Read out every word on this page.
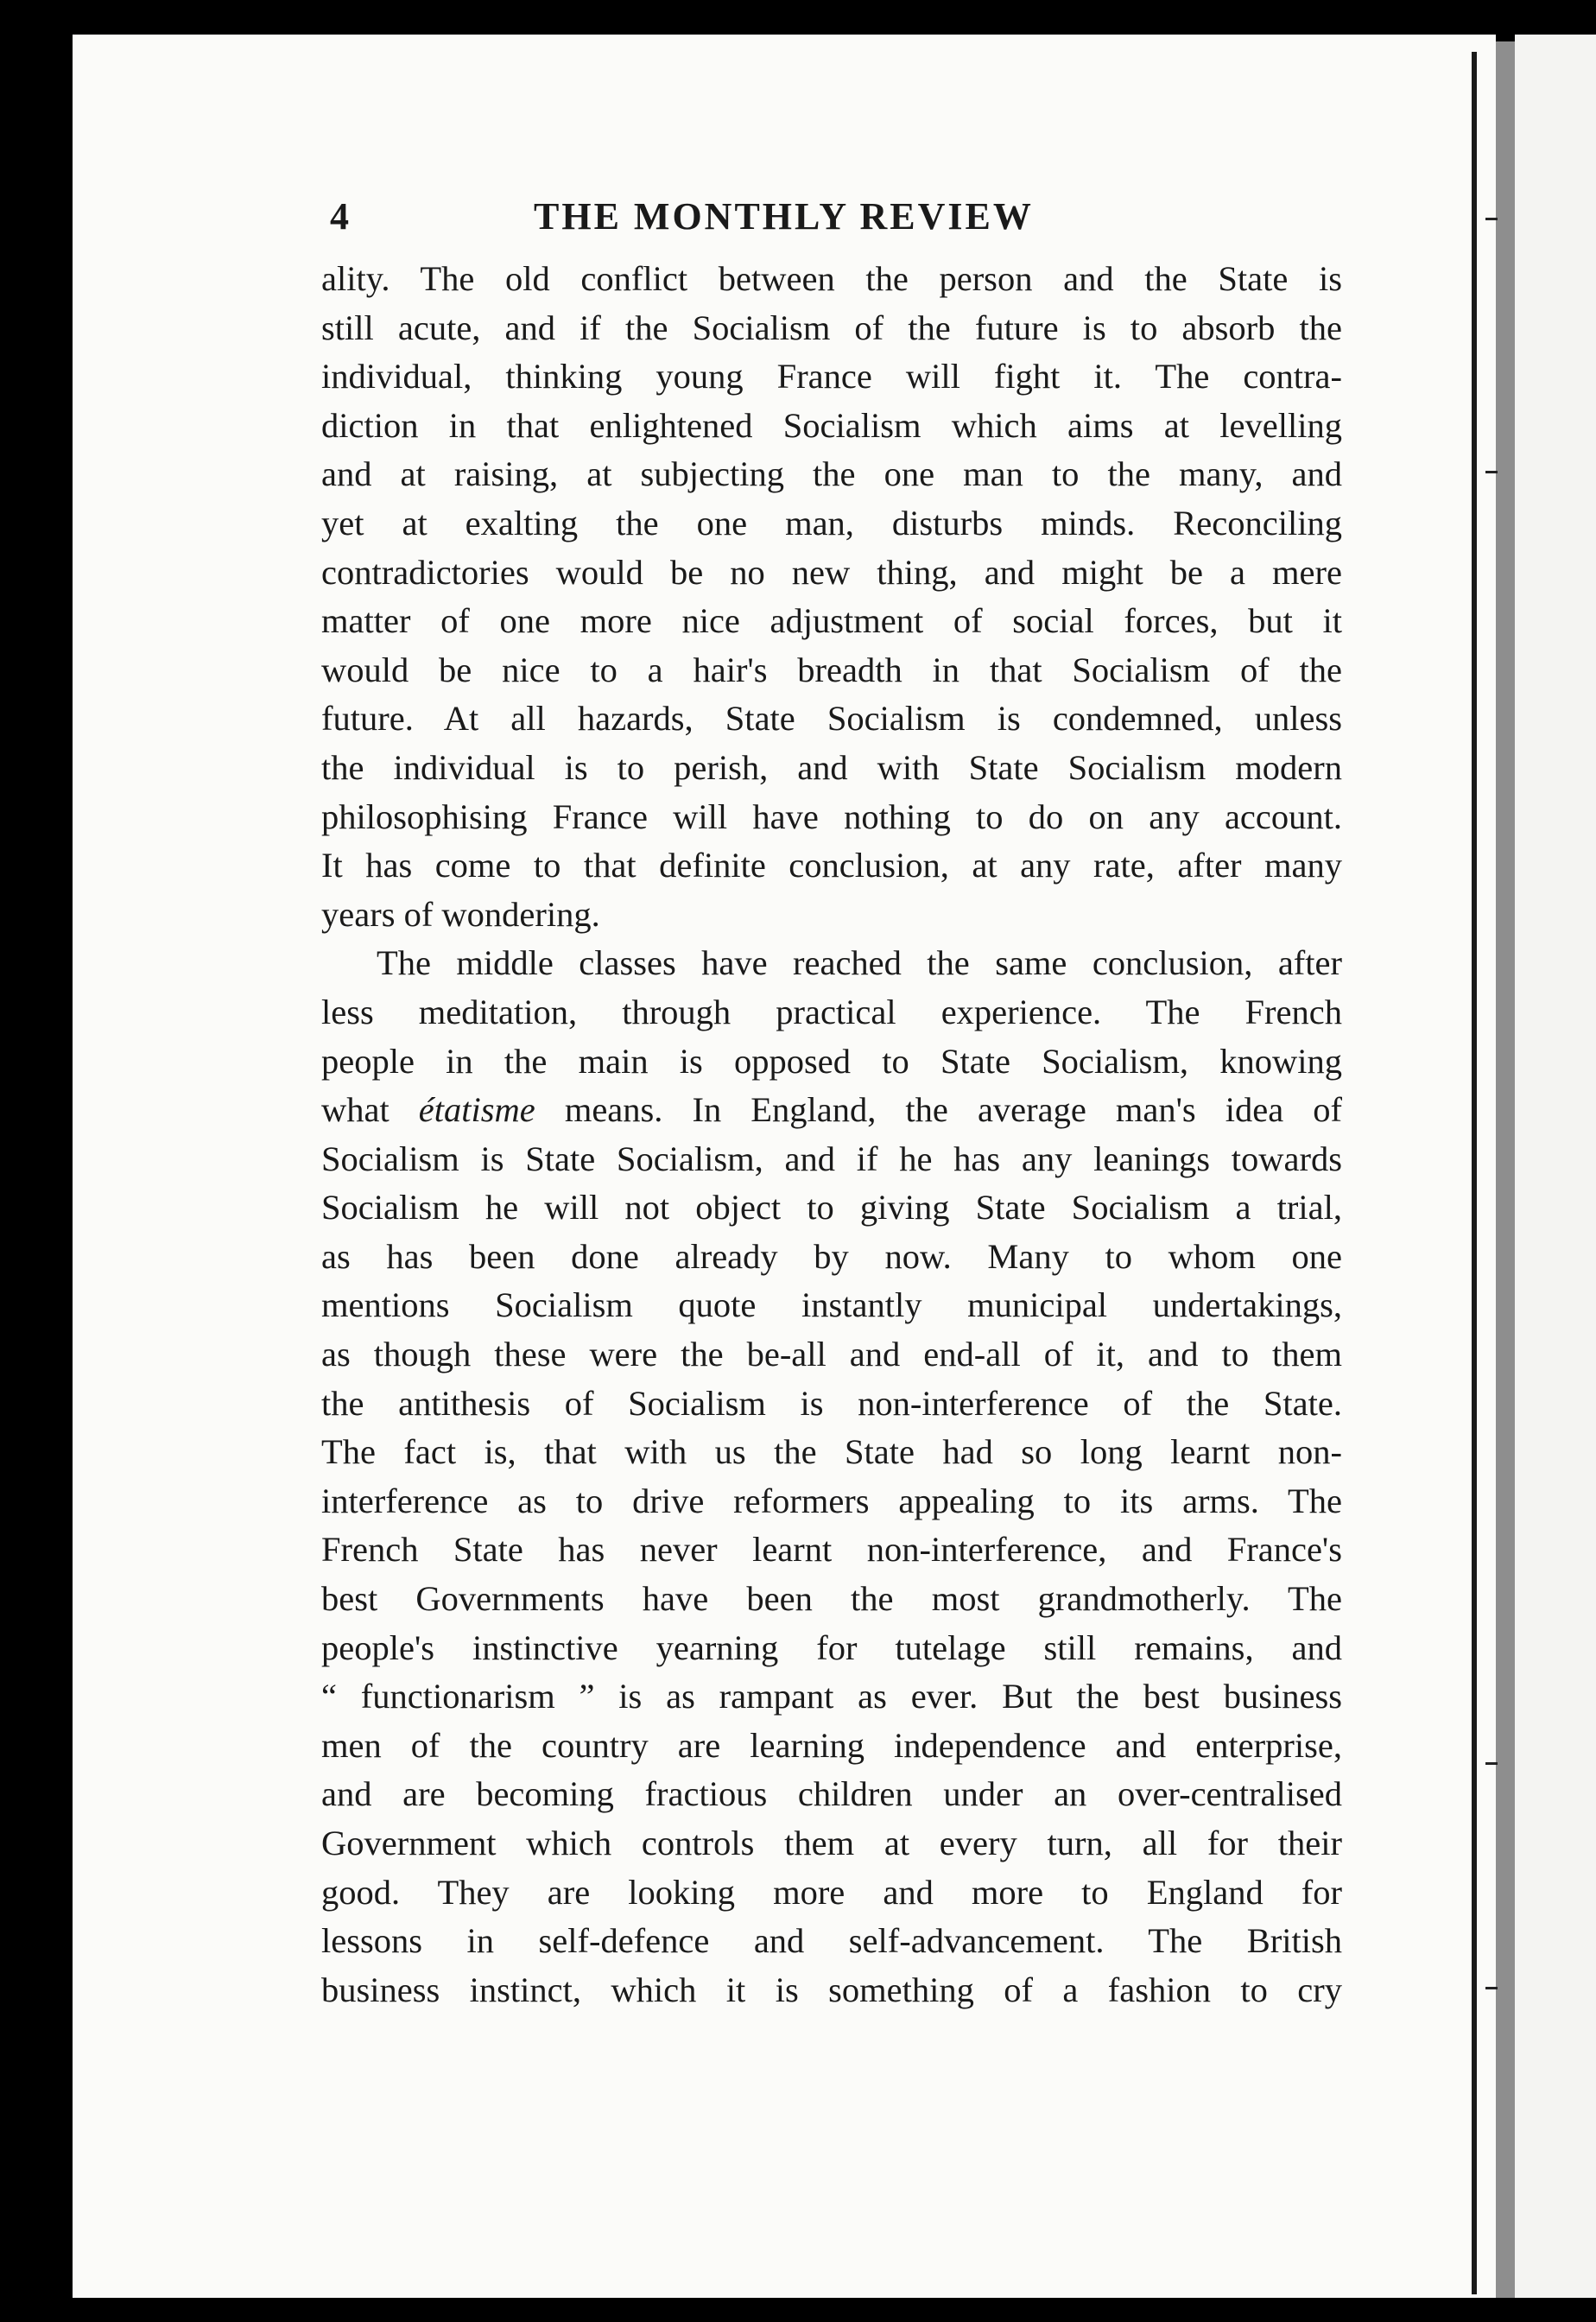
4	THE MONTHLY REVIEW
ality. The old conflict between the person and the State is
still acute, and if the Socialism of the future is to absorb the
individual, thinking young France will fight it. The contra-
diction in that enlightened Socialism which aims at levelling
and at raising, at subjecting the one man to the many, and
yet at exalting the one man, disturbs minds. Reconciling
contradictories would be no new thing, and might be a mere
matter of one more nice adjustment of social forces, but it
would be nice to a hair's breadth in that Socialism of the
future. At all hazards, State Socialism is condemned, unless
the individual is to perish, and with State Socialism modern
philosophising France will have nothing to do on any account.
It has come to that definite conclusion, at any rate, after many
years of wondering.
The middle classes have reached the same conclusion, after
less meditation, through practical experience. The French
people in the main is opposed to State Socialism, knowing
what étatisme means. In England, the average man's idea of
Socialism is State Socialism, and if he has any leanings towards
Socialism he will not object to giving State Socialism a trial,
as has been done already by now. Many to whom one
mentions Socialism quote instantly municipal undertakings,
as though these were the be-all and end-all of it, and to them
the antithesis of Socialism is non-interference of the State.
The fact is, that with us the State had so long learnt non-
interference as to drive reformers appealing to its arms. The
French State has never learnt non-interference, and France's
best Governments have been the most grandmotherly. The
people's instinctive yearning for tutelage still remains, and
“ functionarism ” is as rampant as ever. But the best business
men of the country are learning independence and enterprise,
and are becoming fractious children under an over-centralised
Government which controls them at every turn, all for their
good. They are looking more and more to England for
lessons in self-defence and self-advancement. The British
business instinct, which it is something of a fashion to cry
